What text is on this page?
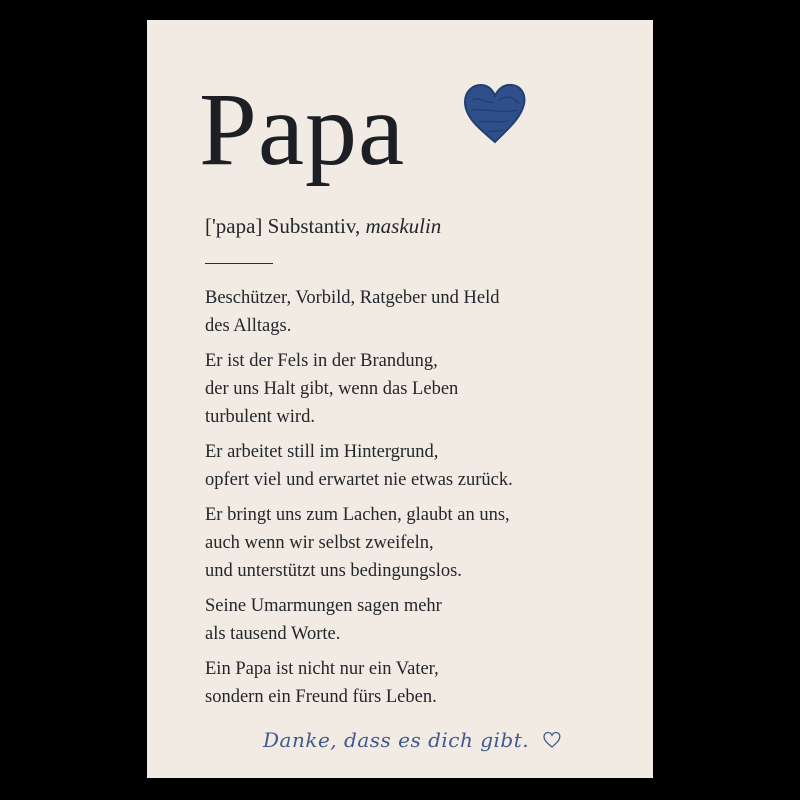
Papa

['papa] Substantiv, maskulin

Beschützer, Vorbild, Ratgeber und Held
des Alltags.

Er ist der Fels in der Brandung,
der uns Halt gibt, wenn das Leben
turbulent wird.

Er arbeitet still im Hintergrund,
opfert viel und erwartet nie etwas zurück.

Er bringt uns zum Lachen, glaubt an uns,
auch wenn wir selbst zweifeln,
und unterstützt uns bedingungslos.

Seine Umarmungen sagen mehr
als tausend Worte.

Ein Papa ist nicht nur ein Vater,
sondern ein Freund fürs Leben.

Danke, dass es dich gibt.
